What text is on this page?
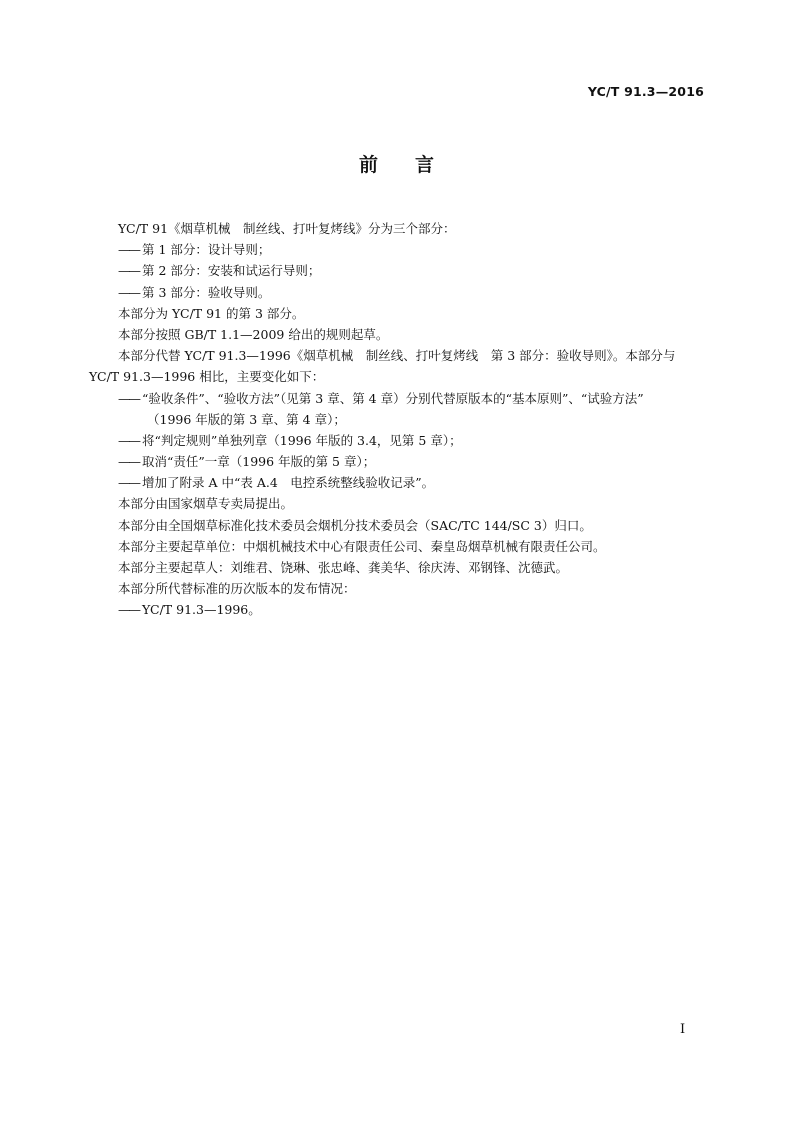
YC/T 91.3—2016
前 言
YC/T 91《烟草机械　制丝线、打叶复烤线》分为三个部分：
—— 第 1 部分：设计导则；
—— 第 2 部分：安装和试运行导则；
—— 第 3 部分：验收导则。
本部分为 YC/T 91 的第 3 部分。
本部分按照 GB/T 1.1—2009 给出的规则起草。
本部分代替 YC/T 91.3—1996《烟草机械　制丝线、打叶复烤线　第 3 部分：验收导则》。本部分与
YC/T 91.3—1996 相比，主要变化如下：
—— “验收条件”、“验收方法”（见第 3 章、第 4 章）分别代替原版本的“基本原则”、“试验方法”
（1996 年版的第 3 章、第 4 章）；
—— 将“判定规则”单独列章（1996 年版的 3.4，见第 5 章）；
—— 取消“责任”一章（1996 年版的第 5 章）；
—— 增加了附录 A 中“表 A.4　电控系统整线验收记录”。
本部分由国家烟草专卖局提出。
本部分由全国烟草标准化技术委员会烟机分技术委员会（SAC/TC 144/SC 3）归口。
本部分主要起草单位：中烟机械技术中心有限责任公司、秦皇岛烟草机械有限责任公司。
本部分主要起草人：刘维君、饶琳、张忠峰、龚美华、徐庆涛、邓钢锋、沈德武。
本部分所代替标准的历次版本的发布情况：
—— YC/T 91.3—1996。
I
